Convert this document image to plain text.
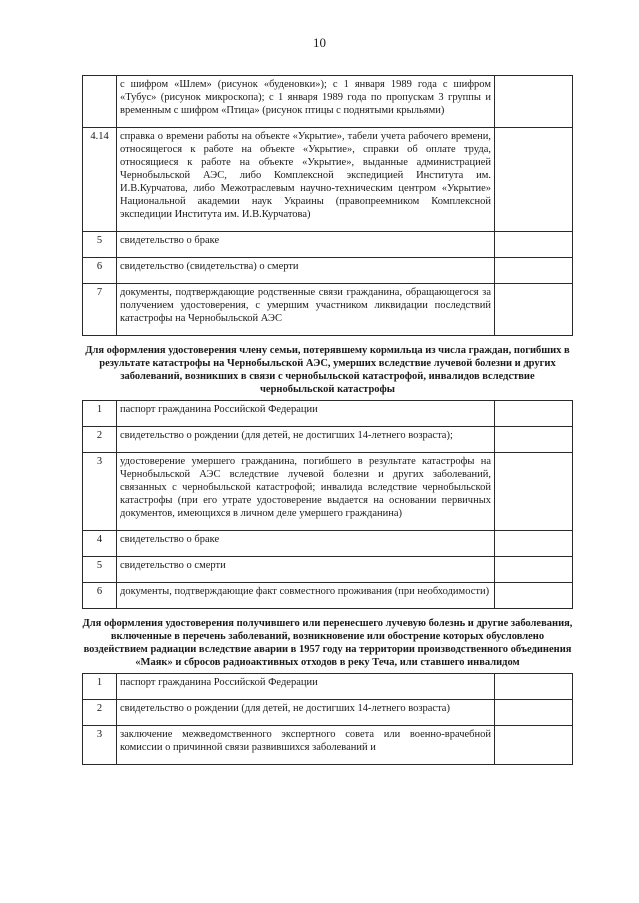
10
	с шифром «Шлем» (рисунок «буденовки»); с 1 января 1989 года с шифром «Тубус» (рисунок микроскопа); с 1 января 1989 года по пропускам 3 группы и временным с шифром «Птица» (рисунок птицы с поднятыми крыльями)	
4.14	справка о времени работы на объекте «Укрытие», табели учета рабочего времени, относящегося к работе на объекте «Укрытие», справки об оплате труда, относящиеся к работе на объекте «Укрытие», выданные администрацией Чернобыльской АЭС, либо Комплексной экспедицией Института им. И.В.Курчатова, либо Межотраслевым научно-техническим центром «Укрытие» Национальной академии наук Украины (правопреемником Комплексной экспедиции Института им. И.В.Курчатова)	
5	свидетельство о браке	
6	свидетельство (свидетельства) о смерти	
7	документы, подтверждающие родственные связи гражданина, обращающегося за получением удостоверения, с умершим участником ликвидации последствий катастрофы на Чернобыльской АЭС	
Для оформления удостоверения члену семьи, потерявшему кормильца из числа граждан, погибших в результате катастрофы на Чернобыльской АЭС, умерших вследствие лучевой болезни и других заболеваний, возникших в связи с чернобыльской катастрофой, инвалидов вследствие чернобыльской катастрофы		
1	паспорт гражданина Российской Федерации	
2	свидетельство о рождении (для детей, не достигших 14-летнего возраста);	
3	удостоверение умершего гражданина, погибшего в результате катастрофы на Чернобыльской АЭС вследствие лучевой болезни и других заболеваний, связанных с чернобыльской катастрофой; инвалида вследствие чернобыльской катастрофы (при его утрате удостоверение выдается на основании первичных документов, имеющихся в личном деле умершего гражданина)	
4	свидетельство о браке	
5	свидетельство о смерти	
6	документы, подтверждающие факт совместного проживания (при необходимости)	
Для оформления удостоверения получившего или перенесшего лучевую болезнь и другие заболевания, включенные в перечень заболеваний, возникновение или обострение которых обусловлено воздействием радиации вследствие аварии в 1957 году на территории производственного объединения «Маяк» и сбросов радиоактивных отходов в реку Теча, или ставшего инвалидом		
1	паспорт гражданина Российской Федерации	
2	свидетельство о рождении (для детей, не достигших 14-летнего возраста)	
3	заключение межведомственного экспертного совета или военно-врачебной комиссии о причинной связи развившихся заболеваний и	
